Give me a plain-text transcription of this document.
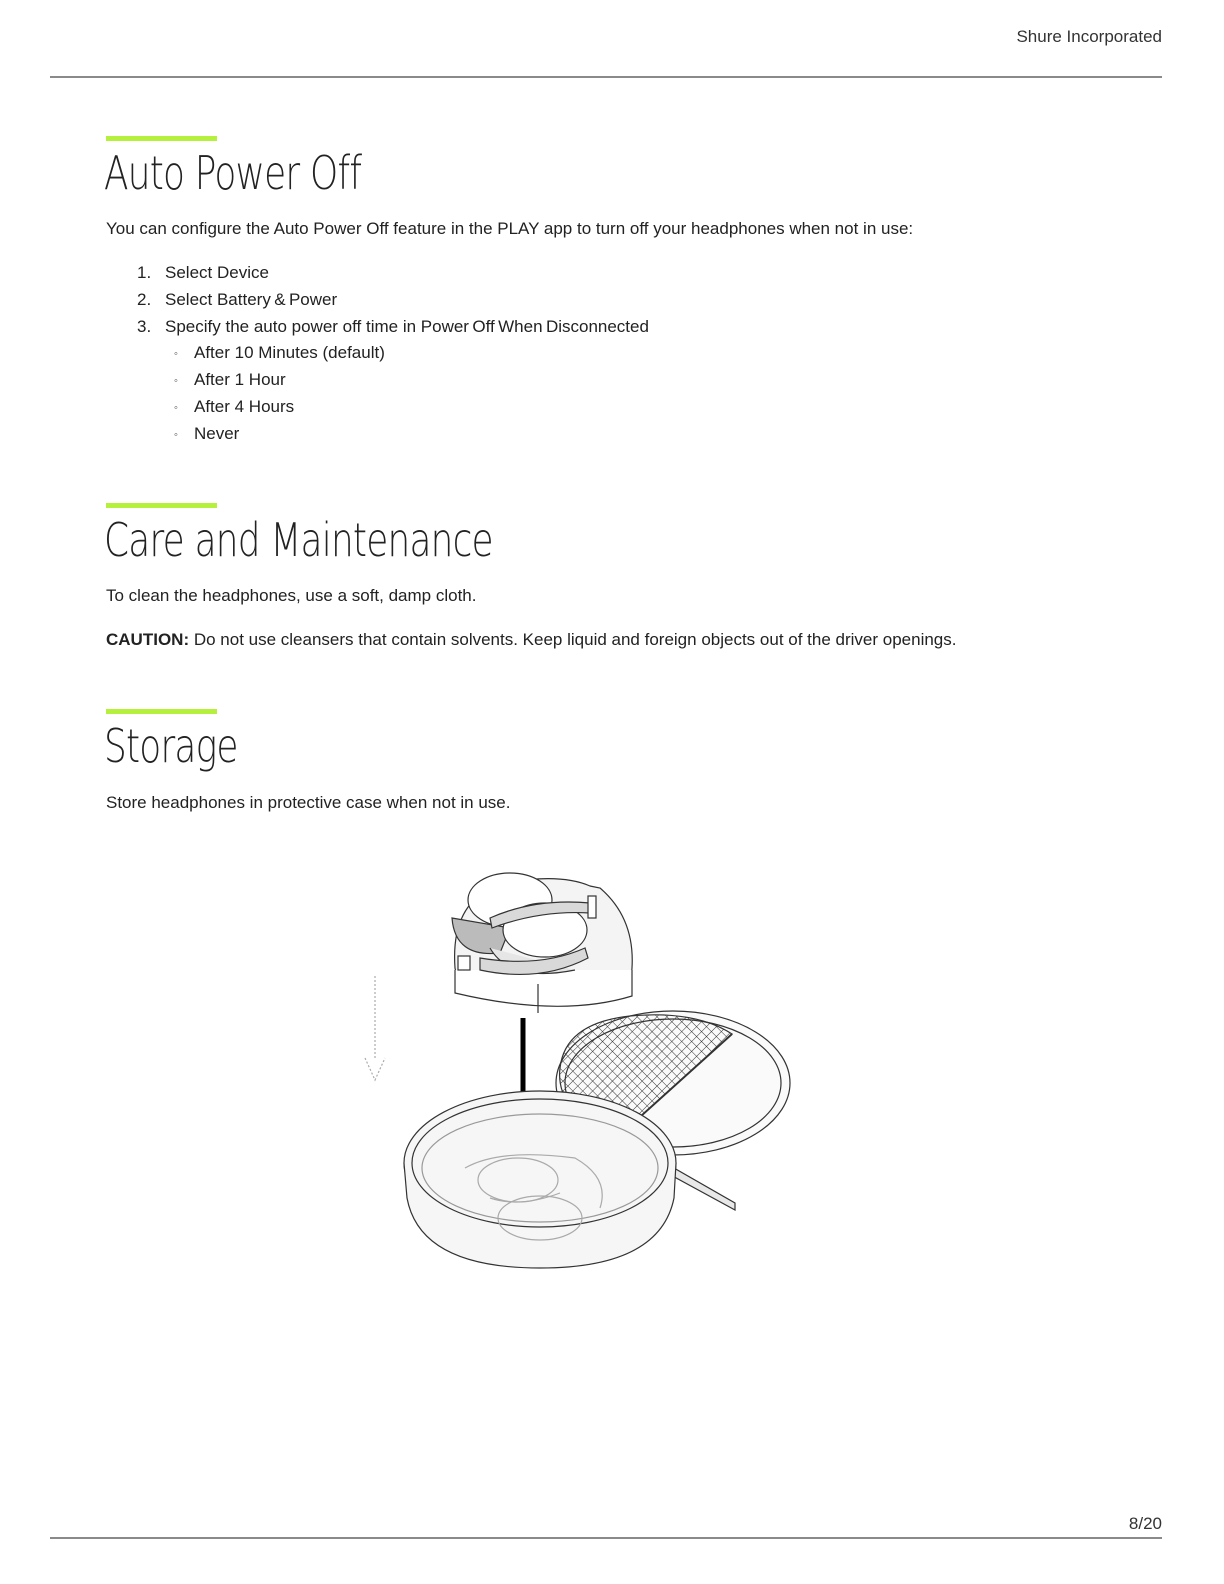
Shure Incorporated
Auto Power Off

You can configure the Auto Power Off feature in the PLAY app to turn off your headphones when not in use:

1. Select Device
2. Select Battery & Power
3. Specify the auto power off time in Power Off When Disconnected
◦ After 10 Minutes (default)
◦ After 1 Hour
◦ After 4 Hours
◦ Never
Care and Maintenance

To clean the headphones, use a soft, damp cloth.

CAUTION: Do not use cleansers that contain solvents. Keep liquid and foreign objects out of the driver openings.

Storage

Store headphones in protective case when not in use.

8/20
